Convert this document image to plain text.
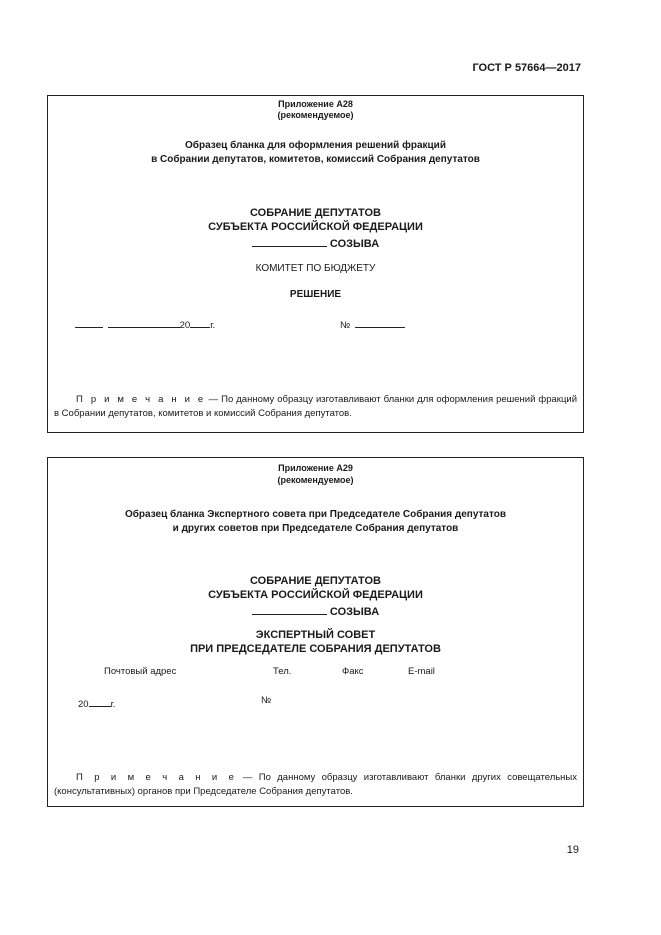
ГОСТ Р 57664—2017
Приложение А28
(рекомендуемое)
Образец бланка для оформления решений фракций
в Собрании депутатов, комитетов, комиссий Собрания депутатов
СОБРАНИЕ ДЕПУТАТОВ
СУБЪЕКТА РОССИЙСКОЙ ФЕДЕРАЦИИ
СОЗЫВА
КОМИТЕТ ПО БЮДЖЕТУ
РЕШЕНИЕ
20 г.	№
П р и м е ч а н и е — По данному образцу изготавливают бланки для оформления решений фракций в Собрании депутатов, комитетов и комиссий Собрания депутатов.
Приложение А29
(рекомендуемое)
Образец бланка Экспертного совета при Председателе Собрания депутатов
и других советов при Председателе Собрания депутатов
СОБРАНИЕ ДЕПУТАТОВ
СУБЪЕКТА РОССИЙСКОЙ ФЕДЕРАЦИИ
СОЗЫВА
ЭКСПЕРТНЫЙ СОВЕТ
ПРИ ПРЕДСЕДАТЕЛЕ СОБРАНИЯ ДЕПУТАТОВ
Почтовый адрес	Тел.	Факс	E-mail
20 г.	№
П р и м е ч а н и е — По данному образцу изготавливают бланки других совещательных (консультативных) органов при Председателе Собрания депутатов.
19
